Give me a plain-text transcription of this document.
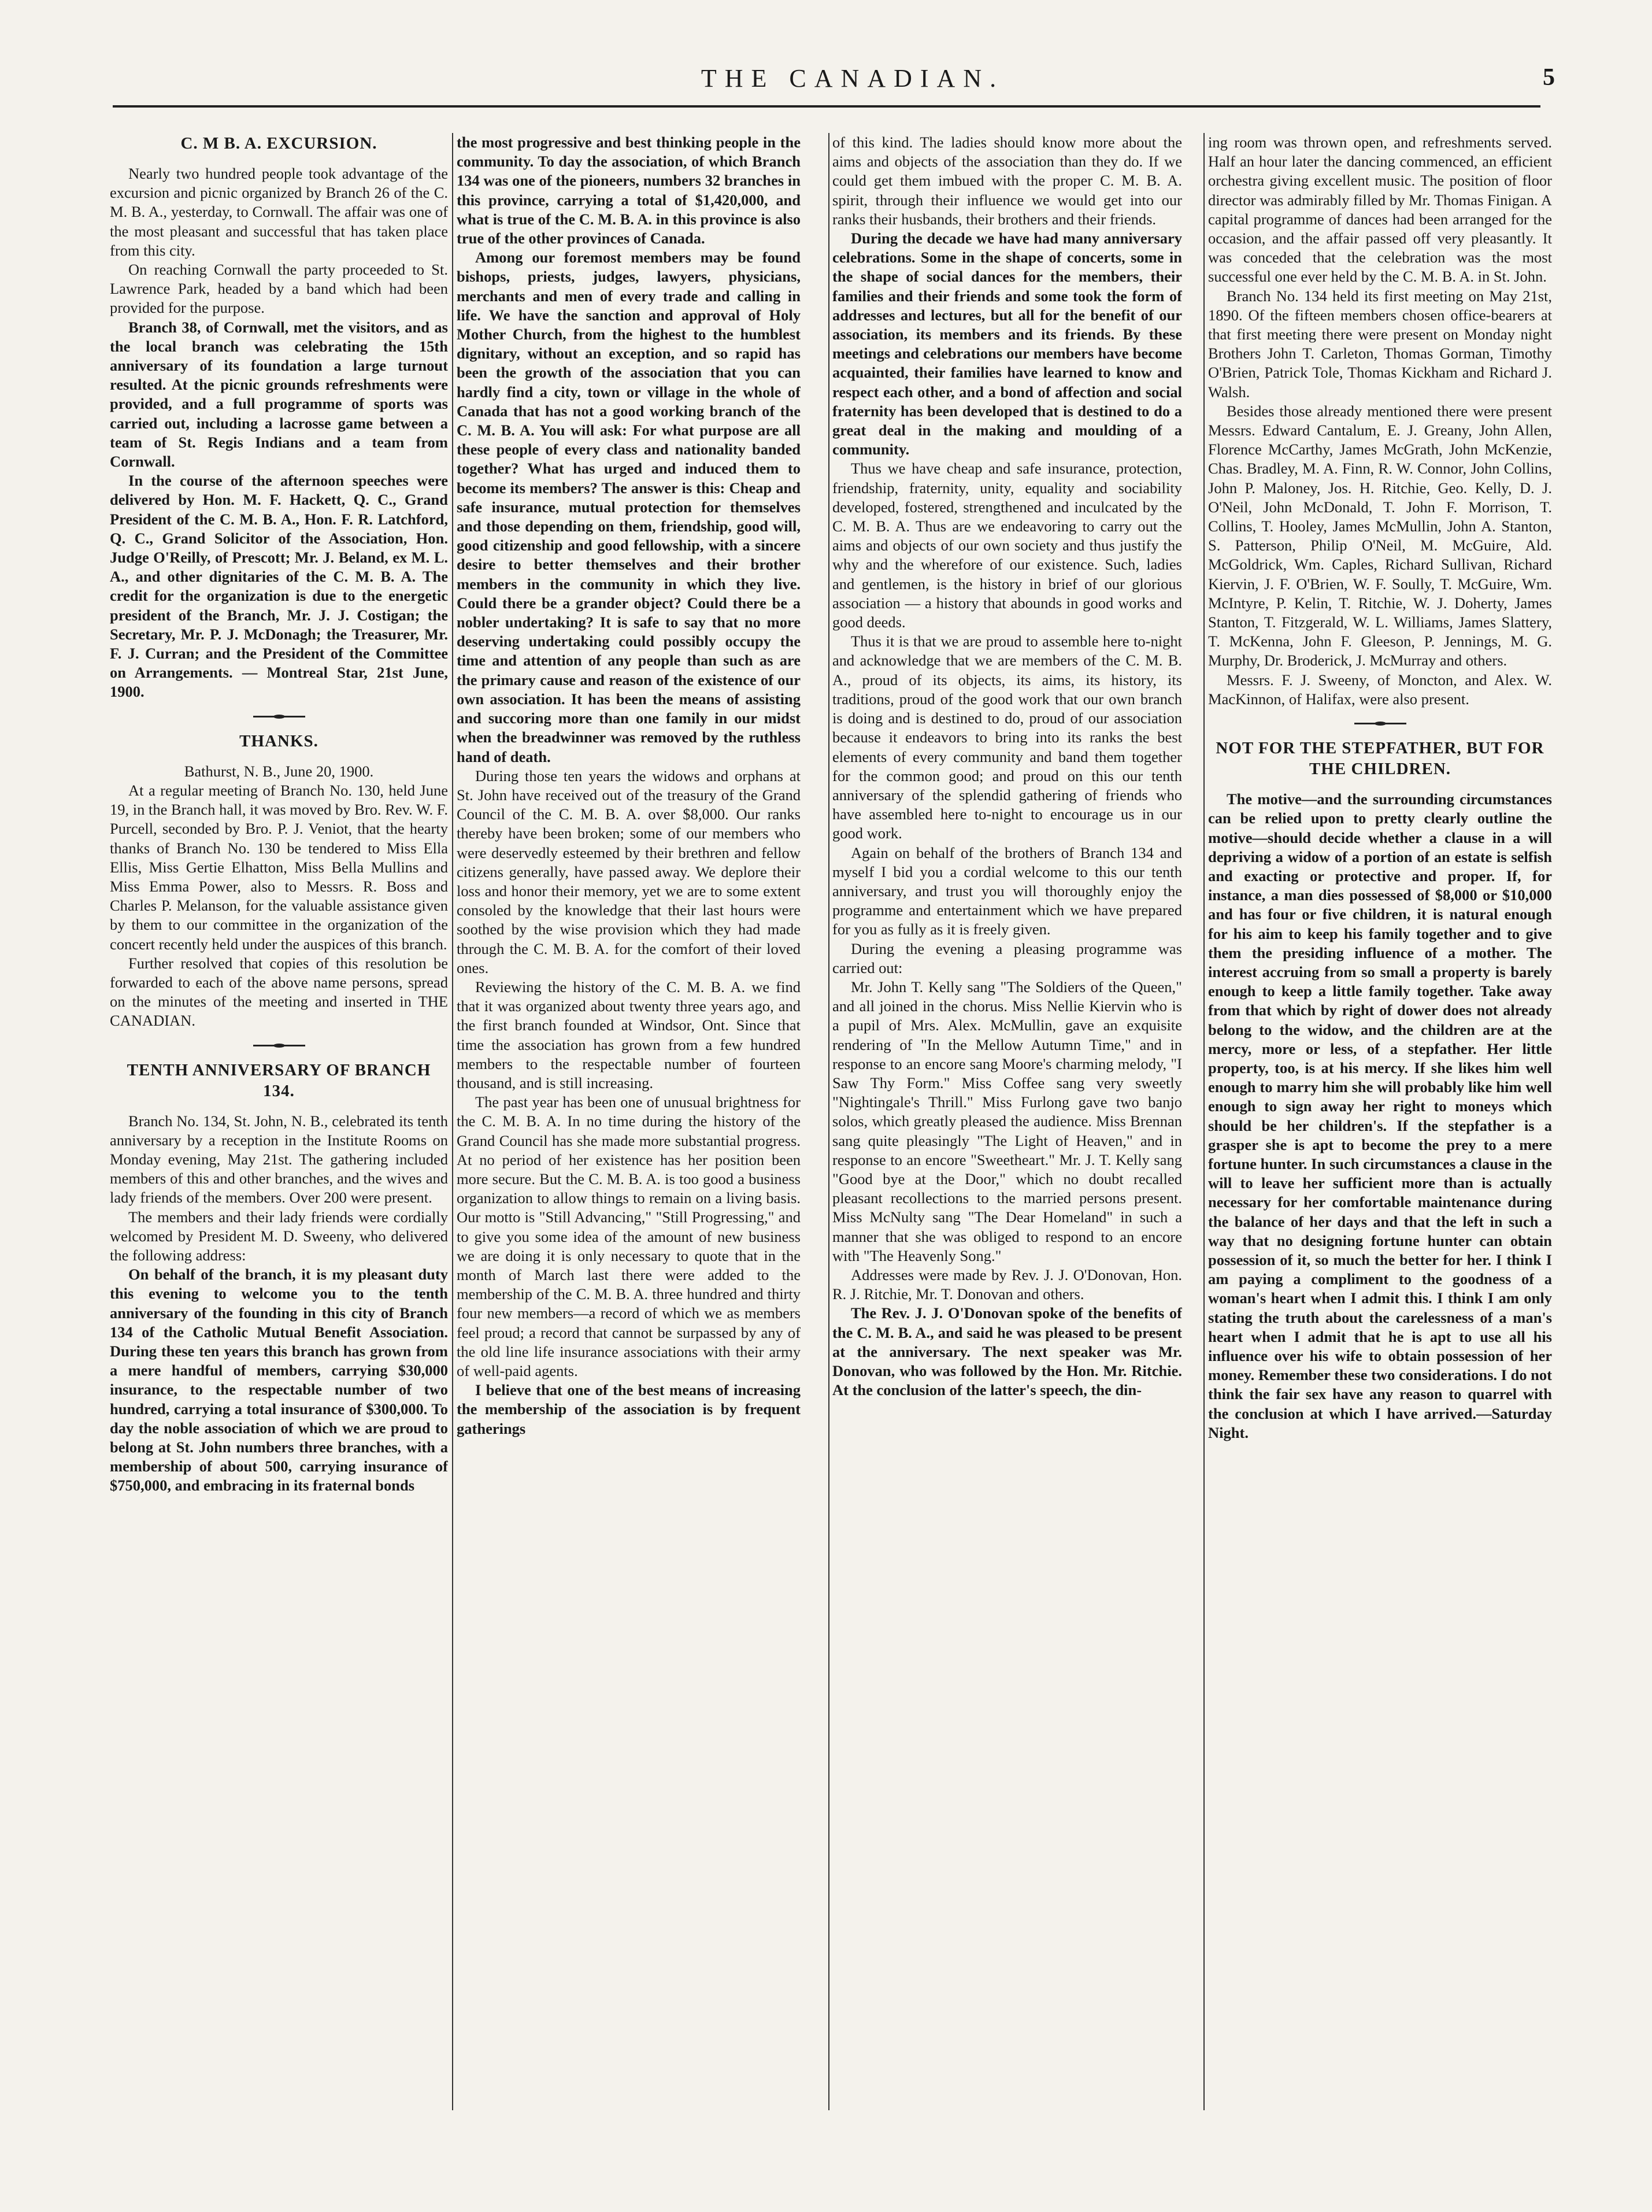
THE CANADIAN.	5
C. M B. A. EXCURSION.

Nearly two hundred people took advantage of the excursion and picnic organized by Branch 26 of the C. M. B. A., yesterday, to Cornwall. The affair was one of the most pleasant and successful that has taken place from this city.

On reaching Cornwall the party proceeded to St. Lawrence Park, headed by a band which had been provided for the purpose.

Branch 38, of Cornwall, met the visitors, and as the local branch was celebrating the 15th anniversary of its foundation a large turnout resulted. At the picnic grounds refreshments were provided, and a full programme of sports was carried out, including a lacrosse game between a team of St. Regis Indians and a team from Cornwall.

In the course of the afternoon speeches were delivered by Hon. M. F. Hackett, Q. C., Grand President of the C. M. B. A., Hon. F. R. Latchford, Q. C., Grand Solicitor of the Association, Hon. Judge O'Reilly, of Prescott; Mr. J. Beland, ex M. L. A., and other dignitaries of the C. M. B. A. The credit for the organization is due to the energetic president of the Branch, Mr. J. J. Costigan; the Secretary, Mr. P. J. McDonagh; the Treasurer, Mr. F. J. Curran; and the President of the Committee on Arrangements. — Montreal Star, 21st June, 1900.

THANKS.

Bathurst, N. B., June 20, 1900.

At a regular meeting of Branch No. 130, held June 19, in the Branch hall, it was moved by Bro. Rev. W. F. Purcell, seconded by Bro. P. J. Veniot, that the hearty thanks of Branch No. 130 be tendered to Miss Ella Ellis, Miss Gertie Elhatton, Miss Bella Mullins and Miss Emma Power, also to Messrs. R. Boss and Charles P. Melanson, for the valuable assistance given by them to our committee in the organization of the concert recently held under the auspices of this branch.

Further resolved that copies of this resolution be forwarded to each of the above name persons, spread on the minutes of the meeting and inserted in THE CANADIAN.

TENTH ANNIVERSARY OF BRANCH 134.

Branch No. 134, St. John, N. B., celebrated its tenth anniversary by a reception in the Institute Rooms on Monday evening, May 21st. The gathering included members of this and other branches, and the wives and lady friends of the members. Over 200 were present.

The members and their lady friends were cordially welcomed by President M. D. Sweeny, who delivered the following address:

On behalf of the branch, it is my pleasant duty this evening to welcome you to the tenth anniversary of the founding in this city of Branch 134 of the Catholic Mutual Benefit Association. During these ten years this branch has grown from a mere handful of members, carrying $30,000 insurance, to the respectable number of two hundred, carrying a total insurance of $300,000. To day the noble association of which we are proud to belong at St. John numbers three branches, with a membership of about 500, carrying insurance of $750,000, and embracing in its fraternal bonds

the most progressive and best thinking people in the community. To day the association, of which Branch 134 was one of the pioneers, numbers 32 branches in this province, carrying a total of $1,420,000, and what is true of the C. M. B. A. in this province is also true of the other provinces of Canada.

Among our foremost members may be found bishops, priests, judges, lawyers, physicians, merchants and men of every trade and calling in life. We have the sanction and approval of Holy Mother Church, from the highest to the humblest dignitary, without an exception, and so rapid has been the growth of the association that you can hardly find a city, town or village in the whole of Canada that has not a good working branch of the C. M. B. A. You will ask: For what purpose are all these people of every class and nationality banded together? What has urged and induced them to become its members? The answer is this: Cheap and safe insurance, mutual protection for themselves and those depending on them, friendship, good will, good citizenship and good fellowship, with a sincere desire to better themselves and their brother members in the community in which they live. Could there be a grander object? Could there be a nobler undertaking? It is safe to say that no more deserving undertaking could possibly occupy the time and attention of any people than such as are the primary cause and reason of the existence of our own association. It has been the means of assisting and succoring more than one family in our midst when the breadwinner was removed by the ruthless hand of death.

During those ten years the widows and orphans at St. John have received out of the treasury of the Grand Council of the C. M. B. A. over $8,000. Our ranks thereby have been broken; some of our members who were deservedly esteemed by their brethren and fellow citizens generally, have passed away. We deplore their loss and honor their memory, yet we are to some extent consoled by the knowledge that their last hours were soothed by the wise provision which they had made through the C. M. B. A. for the comfort of their loved ones.

Reviewing the history of the C. M. B. A. we find that it was organized about twenty three years ago, and the first branch founded at Windsor, Ont. Since that time the association has grown from a few hundred members to the respectable number of fourteen thousand, and is still increasing.

The past year has been one of unusual brightness for the C. M. B. A. In no time during the history of the Grand Council has she made more substantial progress. At no period of her existence has her position been more secure. But the C. M. B. A. is too good a business organization to allow things to remain on a living basis. Our motto is "Still Advancing," "Still Progressing," and to give you some idea of the amount of new business we are doing it is only necessary to quote that in the month of March last there were added to the membership of the C. M. B. A. three hundred and thirty four new members—a record of which we as members feel proud; a record that cannot be surpassed by any of the old line life insurance associations with their army of well-paid agents.

I believe that one of the best means of increasing the membership of the association is by frequent gatherings

of this kind. The ladies should know more about the aims and objects of the association than they do. If we could get them imbued with the proper C. M. B. A. spirit, through their influence we would get into our ranks their husbands, their brothers and their friends.

During the decade we have had many anniversary celebrations. Some in the shape of concerts, some in the shape of social dances for the members, their families and their friends and some took the form of addresses and lectures, but all for the benefit of our association, its members and its friends. By these meetings and celebrations our members have become acquainted, their families have learned to know and respect each other, and a bond of affection and social fraternity has been developed that is destined to do a great deal in the making and moulding of a community.

Thus we have cheap and safe insurance, protection, friendship, fraternity, unity, equality and sociability developed, fostered, strengthened and inculcated by the C. M. B. A. Thus are we endeavoring to carry out the aims and objects of our own society and thus justify the why and the wherefore of our existence. Such, ladies and gentlemen, is the history in brief of our glorious association — a history that abounds in good works and good deeds.

Thus it is that we are proud to assemble here to-night and acknowledge that we are members of the C. M. B. A., proud of its objects, its aims, its history, its traditions, proud of the good work that our own branch is doing and is destined to do, proud of our association because it endeavors to bring into its ranks the best elements of every community and band them together for the common good; and proud on this our tenth anniversary of the splendid gathering of friends who have assembled here to-night to encourage us in our good work.

Again on behalf of the brothers of Branch 134 and myself I bid you a cordial welcome to this our tenth anniversary, and trust you will thoroughly enjoy the programme and entertainment which we have prepared for you as fully as it is freely given.

During the evening a pleasing programme was carried out:

Mr. John T. Kelly sang "The Soldiers of the Queen," and all joined in the chorus. Miss Nellie Kiervin who is a pupil of Mrs. Alex. McMullin, gave an exquisite rendering of "In the Mellow Autumn Time," and in response to an encore sang Moore's charming melody, "I Saw Thy Form." Miss Coffee sang very sweetly "Nightingale's Thrill." Miss Furlong gave two banjo solos, which greatly pleased the audience. Miss Brennan sang quite pleasingly "The Light of Heaven," and in response to an encore "Sweetheart." Mr. J. T. Kelly sang "Good bye at the Door," which no doubt recalled pleasant recollections to the married persons present. Miss McNulty sang "The Dear Homeland" in such a manner that she was obliged to respond to an encore with "The Heavenly Song."

Addresses were made by Rev. J. J. O'Donovan, Hon. R. J. Ritchie, Mr. T. Donovan and others.

The Rev. J. J. O'Donovan spoke of the benefits of the C. M. B. A., and said he was pleased to be present at the anniversary. The next speaker was Mr. Donovan, who was followed by the Hon. Mr. Ritchie. At the conclusion of the latter's speech, the din-

ing room was thrown open, and refreshments served. Half an hour later the dancing commenced, an efficient orchestra giving excellent music. The position of floor director was admirably filled by Mr. Thomas Finigan. A capital programme of dances had been arranged for the occasion, and the affair passed off very pleasantly. It was conceded that the celebration was the most successful one ever held by the C. M. B. A. in St. John.

Branch No. 134 held its first meeting on May 21st, 1890. Of the fifteen members chosen office-bearers at that first meeting there were present on Monday night Brothers John T. Carleton, Thomas Gorman, Timothy O'Brien, Patrick Tole, Thomas Kickham and Richard J. Walsh.

Besides those already mentioned there were present Messrs. Edward Cantalum, E. J. Greany, John Allen, Florence McCarthy, James McGrath, John McKenzie, Chas. Bradley, M. A. Finn, R. W. Connor, John Collins, John P. Maloney, Jos. H. Ritchie, Geo. Kelly, D. J. O'Neil, John McDonald, T. John F. Morrison, T. Collins, T. Hooley, James McMullin, John A. Stanton, S. Patterson, Philip O'Neil, M. McGuire, Ald. McGoldrick, Wm. Caples, Richard Sullivan, Richard Kiervin, J. F. O'Brien, W. F. Soully, T. McGuire, Wm. McIntyre, P. Kelin, T. Ritchie, W. J. Doherty, James Stanton, T. Fitzgerald, W. L. Williams, James Slattery, T. McKenna, John F. Gleeson, P. Jennings, M. G. Murphy, Dr. Broderick, J. McMurray and others.

Messrs. F. J. Sweeny, of Moncton, and Alex. W. MacKinnon, of Halifax, were also present.

NOT FOR THE STEPFATHER, BUT FOR THE CHILDREN.

The motive—and the surrounding circumstances can be relied upon to pretty clearly outline the motive—should decide whether a clause in a will depriving a widow of a portion of an estate is selfish and exacting or protective and proper. If, for instance, a man dies possessed of $8,000 or $10,000 and has four or five children, it is natural enough for his aim to keep his family together and to give them the presiding influence of a mother. The interest accruing from so small a property is barely enough to keep a little family together. Take away from that which by right of dower does not already belong to the widow, and the children are at the mercy, more or less, of a stepfather. Her little property, too, is at his mercy. If she likes him well enough to marry him she will probably like him well enough to sign away her right to moneys which should be her children's. If the stepfather is a grasper she is apt to become the prey to a mere fortune hunter. In such circumstances a clause in the will to leave her sufficient more than is actually necessary for her comfortable maintenance during the balance of her days and that the left in such a way that no designing fortune hunter can obtain possession of it, so much the better for her. I think I am paying a compliment to the goodness of a woman's heart when I admit this. I think I am only stating the truth about the carelessness of a man's heart when I admit that he is apt to use all his influence over his wife to obtain possession of her money. Remember these two considerations. I do not think the fair sex have any reason to quarrel with the conclusion at which I have arrived.—Saturday Night.
